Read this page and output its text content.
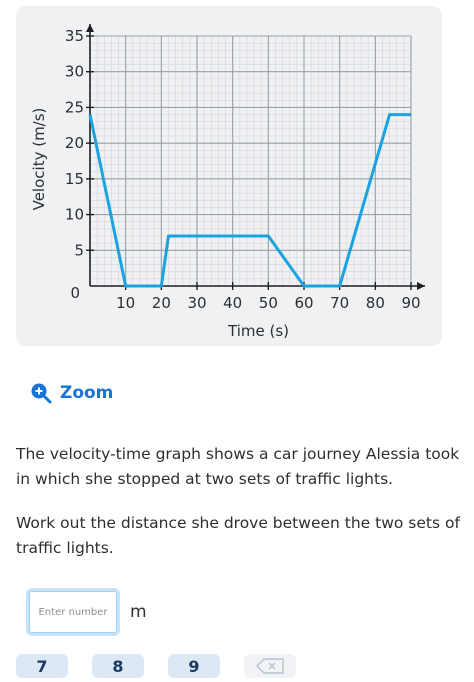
10 20 30 40 50 60 70 80 90
5
10
15
20
25
30
35
0
Time (s)
Velocity (m/s)
Zoom
The velocity-time graph shows a car journey Alessia took in which she stopped at two sets of traffic lights.
Work out the distance she drove between the two sets of traffic lights.
Enter number
m
7	8	9
